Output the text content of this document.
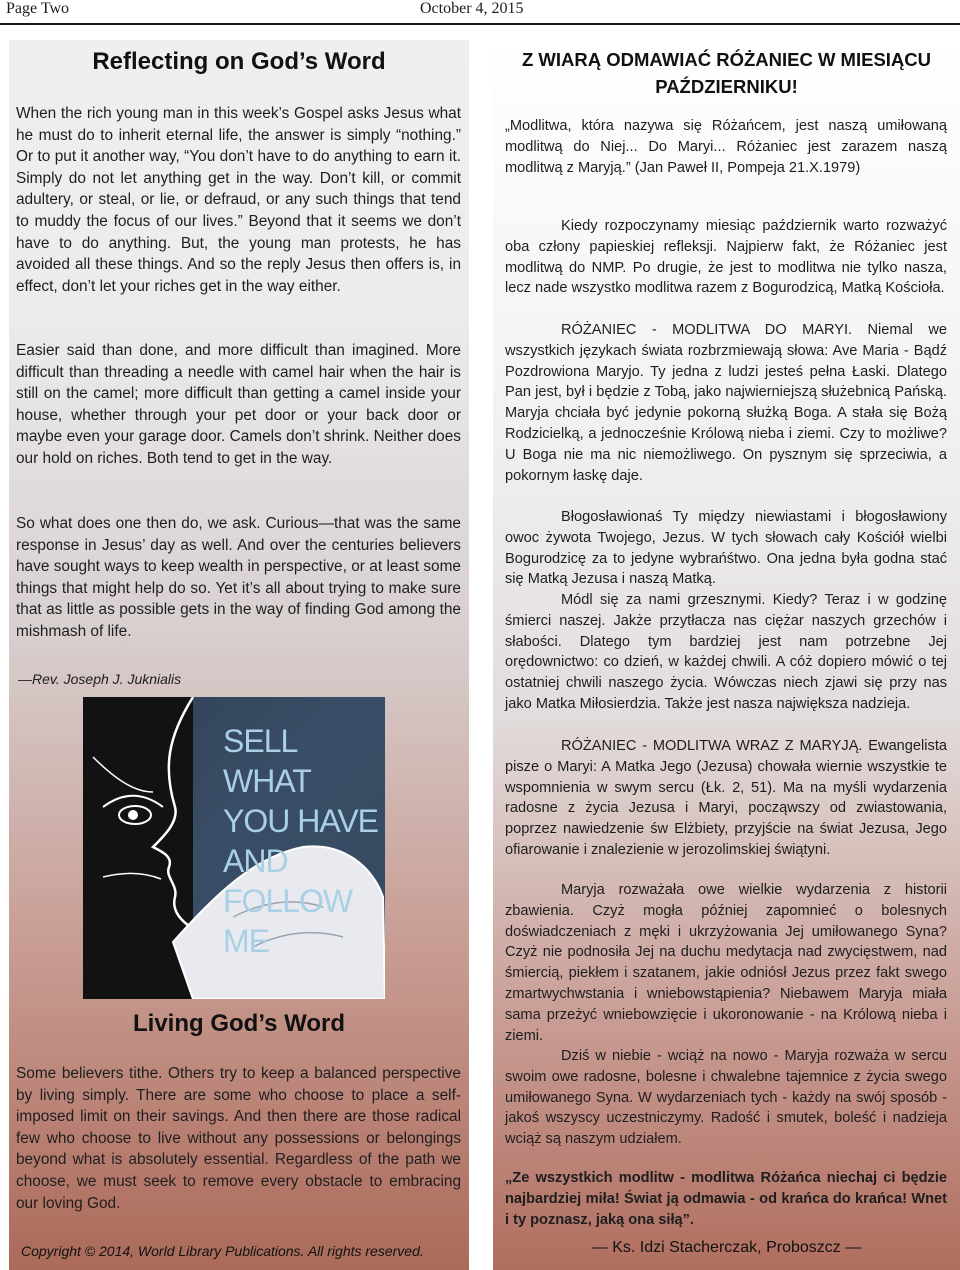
Page Two	October 4, 2015
Reflecting on God’s Word
When the rich young man in this week’s Gospel asks Jesus what he must do to inherit eternal life, the answer is simply “nothing.” Or to put it another way, “You don’t have to do anything to earn it. Simply do not let anything get in the way. Don’t kill, or commit adultery, or steal, or lie, or defraud, or any such things that tend to muddy the focus of our lives.” Beyond that it seems we don’t have to do anything. But, the young man protests, he has avoided all these things. And so the reply Jesus then offers is, in effect, don’t let your riches get in the way either.
Easier said than done, and more difficult than imagined. More difficult than threading a needle with camel hair when the hair is still on the camel; more difficult than getting a camel inside your house, whether through your pet door or your back door or maybe even your garage door. Camels don’t shrink. Neither does our hold on riches. Both tend to get in the way.
So what does one then do, we ask. Curious—that was the same response in Jesus’ day as well. And over the centuries believers have sought ways to keep wealth in perspective, or at least some things that might help do so. Yet it’s all about trying to make sure that as little as possible gets in the way of finding God among the mishmash of life.
—Rev. Joseph J. Juknialis
SELL WHAT
YOU HAVE
AND FOLLOW ME
Living God’s Word
Some believers tithe. Others try to keep a balanced perspective by living simply. There are some who choose to place a self-imposed limit on their savings. And then there are those radical few who choose to live without any possessions or belongings beyond what is absolutely essential. Regardless of the path we choose, we must seek to remove every obstacle to embracing our loving God.
Copyright © 2014, World Library Publications. All rights reserved.
Z WIARĄ ODMAWIAĆ RÓŻANIEC W MIESIĄCU PAŹDZIERNIKU!
„Modlitwa, która nazywa się Różańcem, jest naszą umiłowaną modlitwą do Niej... Do Maryi... Różaniec jest zarazem naszą modlitwą z Maryją.” (Jan Paweł II, Pompeja 21.X.1979)
Kiedy rozpoczynamy miesiąc październik warto rozważyć oba człony papieskiej refleksji. Najpierw fakt, że Różaniec jest modlitwą do NMP. Po drugie, że jest to modlitwa nie tylko nasza, lecz nade wszystko modlitwa razem z Bogurodzicą, Matką Kościoła.
RÓŻANIEC - MODLITWA DO MARYI. Niemal we wszystkich językach świata rozbrzmiewają słowa: Ave Maria - Bądź Pozdrowiona Maryjo. Ty jedna z ludzi jesteś pełna Łaski. Dlatego Pan jest, był i będzie z Tobą, jako najwierniejszą służebnicą Pańską. Maryja chciała być jedynie pokorną służką Boga. A stała się Bożą Rodzicielką, a jednocześnie Królową nieba i ziemi. Czy to możliwe? U Boga nie ma nic niemożliwego. On pysznym się sprzeciwia, a pokornym łaskę daje.
Błogosławionaś Ty między niewiastami i błogosławiony owoc żywota Twojego, Jezus. W tych słowach cały Kościół wielbi Bogurodzicę za to jedyne wybrańśtwo. Ona jedna była godna stać się Matką Jezusa i naszą Matką.
Módl się za nami grzesznymi. Kiedy? Teraz i w godzinę śmierci naszej. Jakże przytłacza nas ciężar naszych grzechów i słabości. Dlatego tym bardziej jest nam potrzebne Jej orędownictwo: co dzień, w każdej chwili. A cóż dopiero mówić o tej ostatniej chwili naszego życia. Wówczas niech zjawi się przy nas jako Matka Miłosierdzia. Także jest nasza największa nadzieja.
RÓŻANIEC - MODLITWA WRAZ Z MARYJĄ. Ewangelista pisze o Maryi: A Matka Jego (Jezusa) chowała wiernie wszystkie te wspomnienia w swym sercu (Łk. 2, 51). Ma na myśli wydarzenia radosne z życia Jezusa i Maryi, począwszy od zwiastowania, poprzez nawiedzenie św Elżbiety, przyjście na świat Jezusa, Jego ofiarowanie i znalezienie w jerozolimskiej świątyni.
Maryja rozważała owe wielkie wydarzenia z historii zbawienia. Czyż mogła później zapomnieć o bolesnych doświadczeniach z męki i ukrzyżowania Jej umiłowanego Syna? Czyż nie podnosiła Jej na duchu medytacja nad zwycięstwem, nad śmiercią, piekłem i szatanem, jakie odniósł Jezus przez fakt swego zmartwychwstania i wniebowstąpienia? Niebawem Maryja miała sama przeżyć wniebowzięcie i ukoronowanie - na Królową nieba i ziemi.
Dziś w niebie - wciąż na nowo - Maryja rozważa w sercu swoim owe radosne, bolesne i chwalebne tajemnice z życia swego umiłowanego Syna. W wydarzeniach tych - każdy na swój sposób - jakoś wszyscy uczestniczymy. Radość i smutek, boleść i nadzieja wciąż są naszym udziałem.
„Ze wszystkich modlitw - modlitwa Różańca niechaj ci będzie najbardziej miła! Świat ją odmawia - od krańca do krańca! Wnet i ty poznasz, jaką ona siłą”.
— Ks. Idzi Stacherczak, Proboszcz —
